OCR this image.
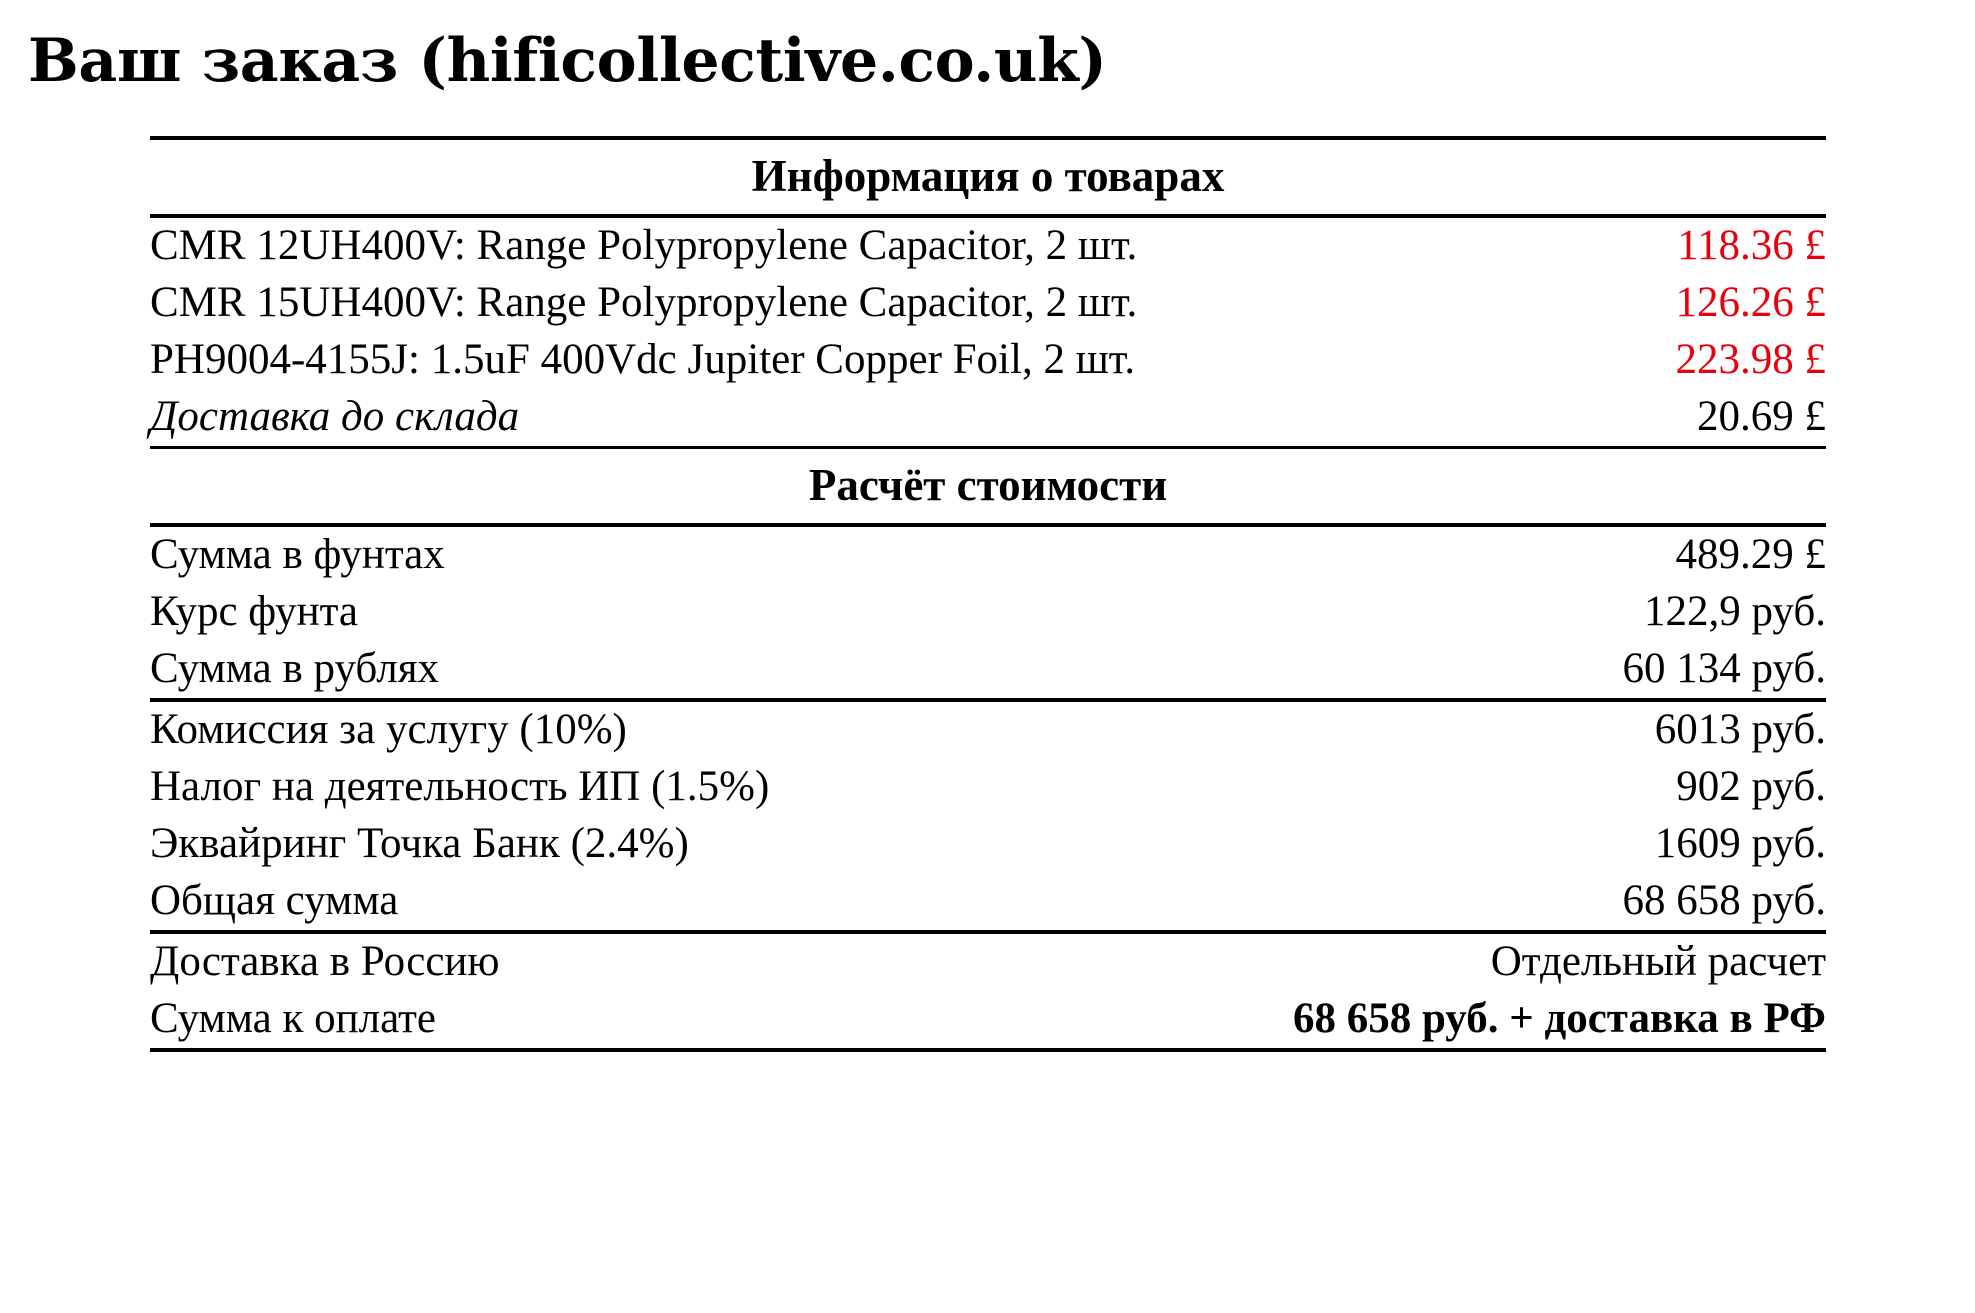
Ваш заказ (hificollective.co.uk)
Информация о товарах	
CMR 12UH400V: Range Polypropylene Capacitor, 2 шт.	118.36 £
CMR 15UH400V: Range Polypropylene Capacitor, 2 шт.	126.26 £
PH9004-4155J: 1.5uF 400Vdc Jupiter Copper Foil, 2 шт.	223.98 £
Доставка до склада	20.69 £
Расчёт стоимости	
Сумма в фунтах	489.29 £
Курс фунта	122,9 руб.
Сумма в рублях	60 134 руб.
Комиссия за услугу (10%)	6013 руб.
Налог на деятельность ИП (1.5%)	902 руб.
Эквайринг Точка Банк (2.4%)	1609 руб.
Общая сумма	68 658 руб.
Доставка в Россию	Отдельный расчет
Сумма к оплате	68 658 руб. + доставка в РФ
